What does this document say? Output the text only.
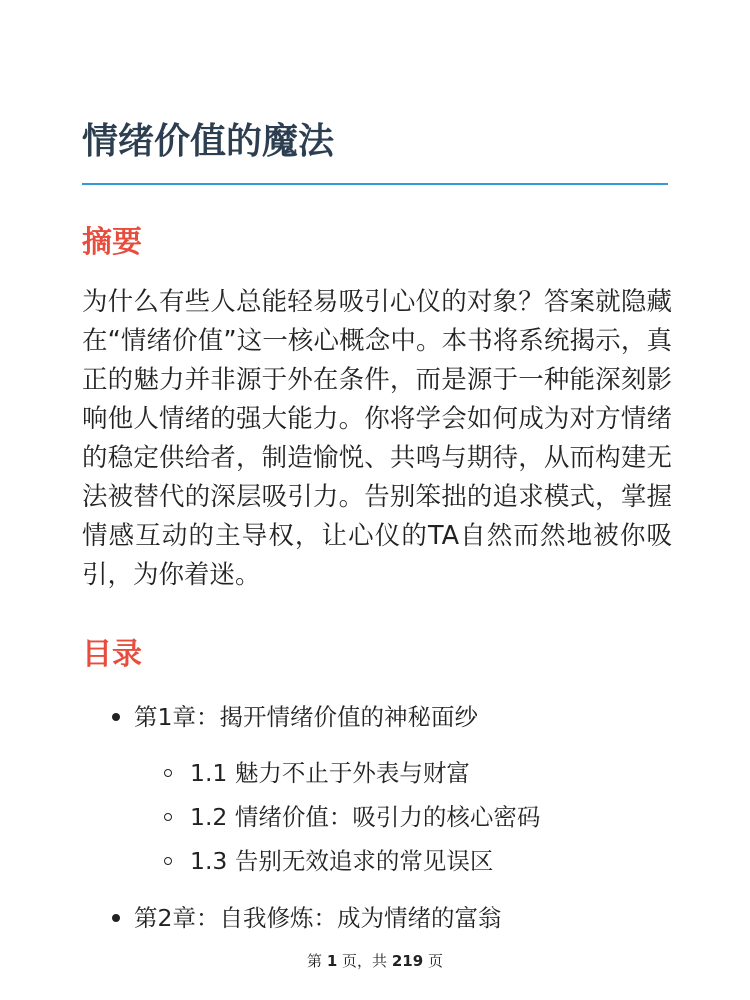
情绪价值的魔法
摘要

为什么有些人总能轻易吸引心仪的对象？答案就隐藏在“情绪价值”这一核心概念中。本书将系统揭示，真正的魅力并非源于外在条件，而是源于一种能深刻影响他人情绪的强大能力。你将学会如何成为对方情绪的稳定供给者，制造愉悦、共鸣与期待，从而构建无法被替代的深层吸引力。告别笨拙的追求模式，掌握情感互动的主导权，让心仪的TA自然而然地被你吸引，为你着迷。

目录
第1章：揭开情绪价值的神秘面纱
1.1 魅力不止于外表与财富
1.2 情绪价值：吸引力的核心密码
1.3 告别无效追求的常见误区
第2章：自我修炼：成为情绪的富翁
第 1 页，共 219 页
